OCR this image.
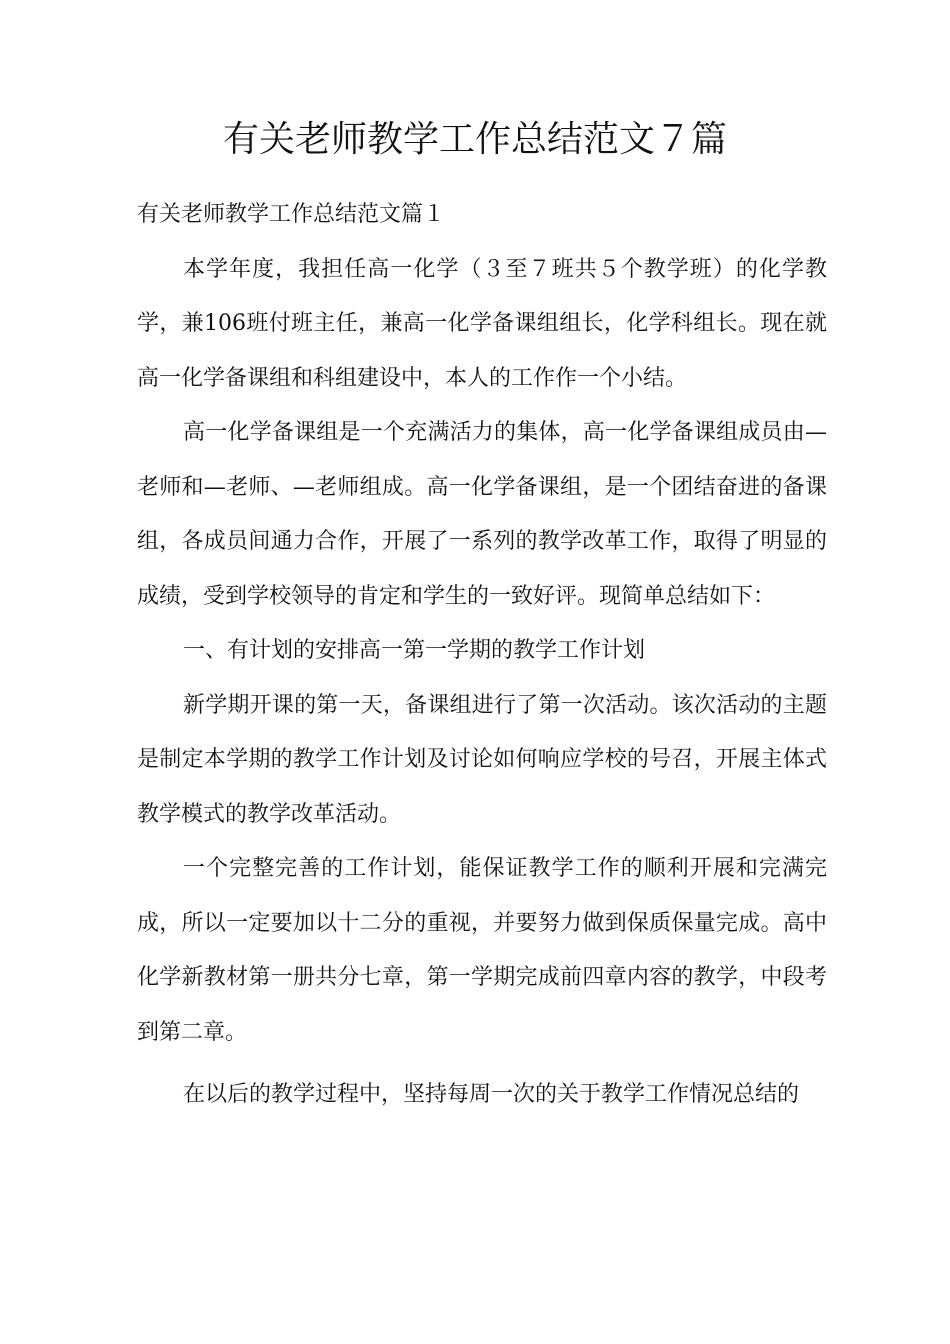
有关老师教学工作总结范文７篇

有关老师教学工作总结范文篇１

本学年度，我担任高一化学（３至７班共５个教学班）的化学教学，兼106班付班主任，兼高一化学备课组组长，化学科组长。现在就高一化学备课组和科组建设中，本人的工作作一个小结。

高一化学备课组是一个充满活力的集体，高一化学备课组成员由—老师和—老师、—老师组成。高一化学备课组，是一个团结奋进的备课组，各成员间通力合作，开展了一系列的教学改革工作，取得了明显的成绩，受到学校领导的肯定和学生的一致好评。现简单总结如下：

一、有计划的安排高一第一学期的教学工作计划

新学期开课的第一天，备课组进行了第一次活动。该次活动的主题是制定本学期的教学工作计划及讨论如何响应学校的号召，开展主体式教学模式的教学改革活动。

一个完整完善的工作计划，能保证教学工作的顺利开展和完满完成，所以一定要加以十二分的重视，并要努力做到保质保量完成。高中化学新教材第一册共分七章，第一学期完成前四章内容的教学，中段考到第二章。

在以后的教学过程中，坚持每周一次的关于教学工作情况总结的
